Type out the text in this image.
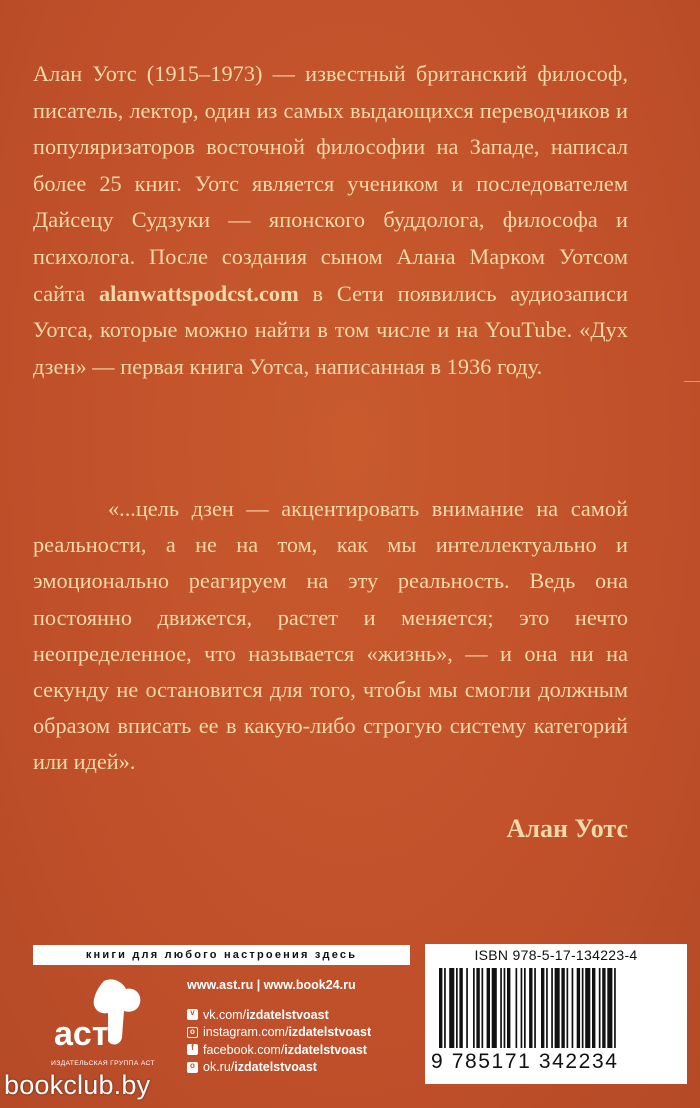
Алан Уотс (1915–1973) — известный британский философ, писатель, лектор, один из самых выдающихся переводчиков и популяризаторов восточной философии на Западе, написал более 25 книг. Уотс является учеником и последователем Дайсецу Судзуки — японского буддолога, философа и психолога. После создания сыном Алана Марком Уотсом сайта alanwattspodcst.com в Сети появились аудиозаписи Уотса, которые можно найти в том числе и на YouTube. «Дух дзен» — первая книга Уотса, написанная в 1936 году.
«...цель дзен — акцентировать внимание на самой реальности, а не на том, как мы интеллектуально и эмоционально реагируем на эту реальность. Ведь она постоянно движется, растет и меняется; это нечто неопределенное, что называется «жизнь», — и она ни на секунду не остановится для того, чтобы мы смогли должным образом вписать ее в какую-либо строгую систему категорий или идей».
Алан Уотс
книги для любого настроения здесь
аст
ИЗДАТЕЛЬСКАЯ ГРУППА АСТ
www.ast.ru | www.book24.ru
v vk.com/ izdatelstvoast
o instagram.com/ izdatelstvoast
f facebook.com/ izdatelstvoast
o ok.ru/ izdatelstvoast
ISBN 978-5-17-134223-4
9 785171 342234
bookclub.by
